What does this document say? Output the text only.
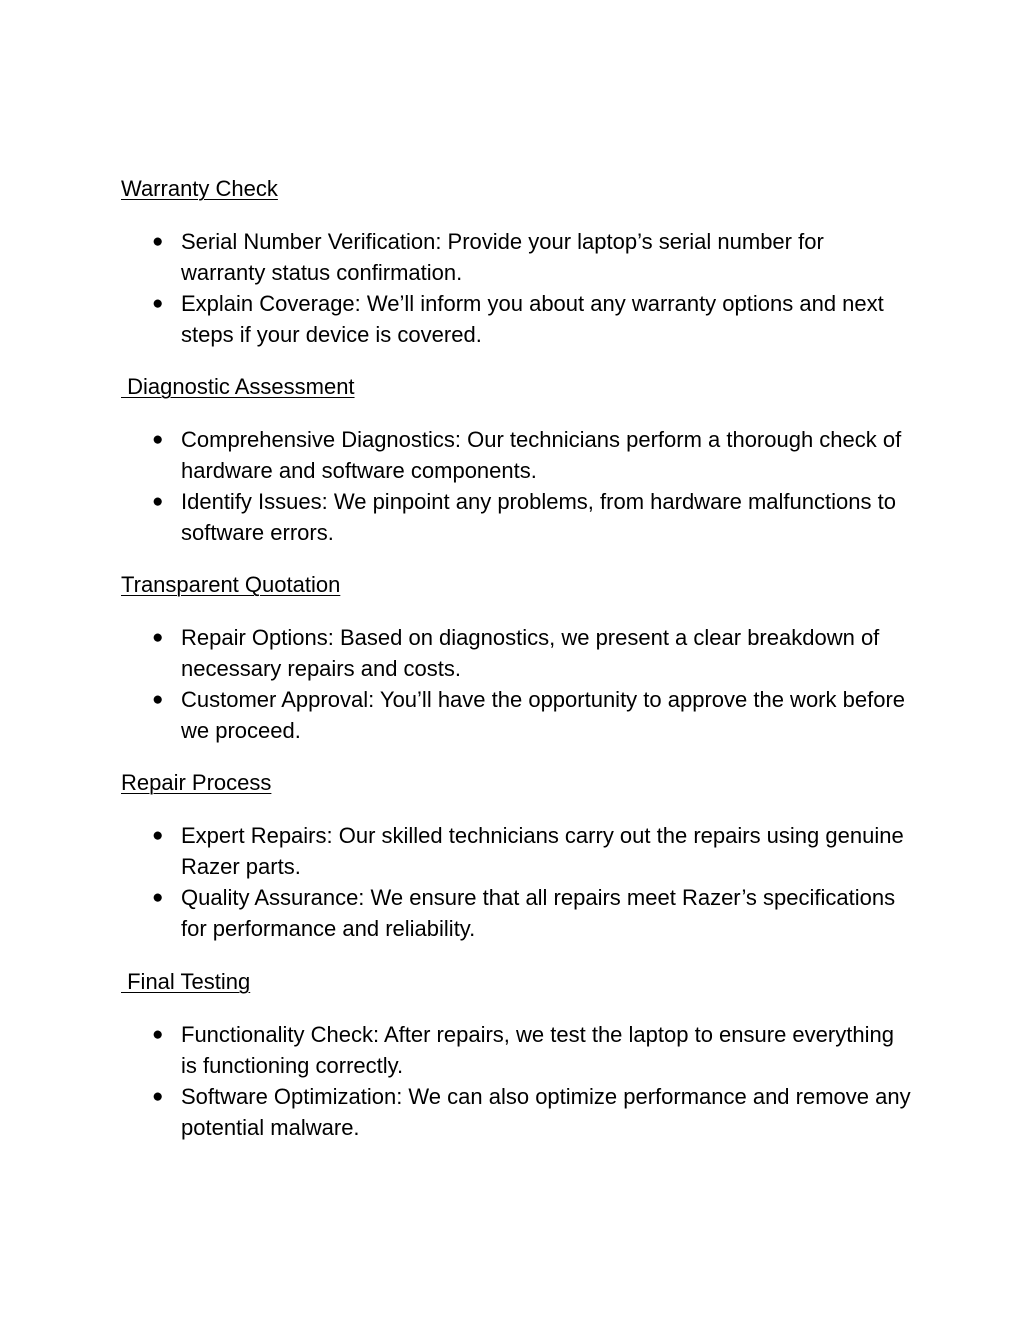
Warranty Check

● Serial Number Verification: Provide your laptop’s serial number for warranty status confirmation.
● Explain Coverage: We’ll inform you about any warranty options and next steps if your device is covered.

Diagnostic Assessment

● Comprehensive Diagnostics: Our technicians perform a thorough check of hardware and software components.
● Identify Issues: We pinpoint any problems, from hardware malfunctions to software errors.

Transparent Quotation

● Repair Options: Based on diagnostics, we present a clear breakdown of necessary repairs and costs.
● Customer Approval: You’ll have the opportunity to approve the work before we proceed.

Repair Process

● Expert Repairs: Our skilled technicians carry out the repairs using genuine Razer parts.
● Quality Assurance: We ensure that all repairs meet Razer’s specifications for performance and reliability.

Final Testing

● Functionality Check: After repairs, we test the laptop to ensure everything is functioning correctly.
● Software Optimization: We can also optimize performance and remove any potential malware.
